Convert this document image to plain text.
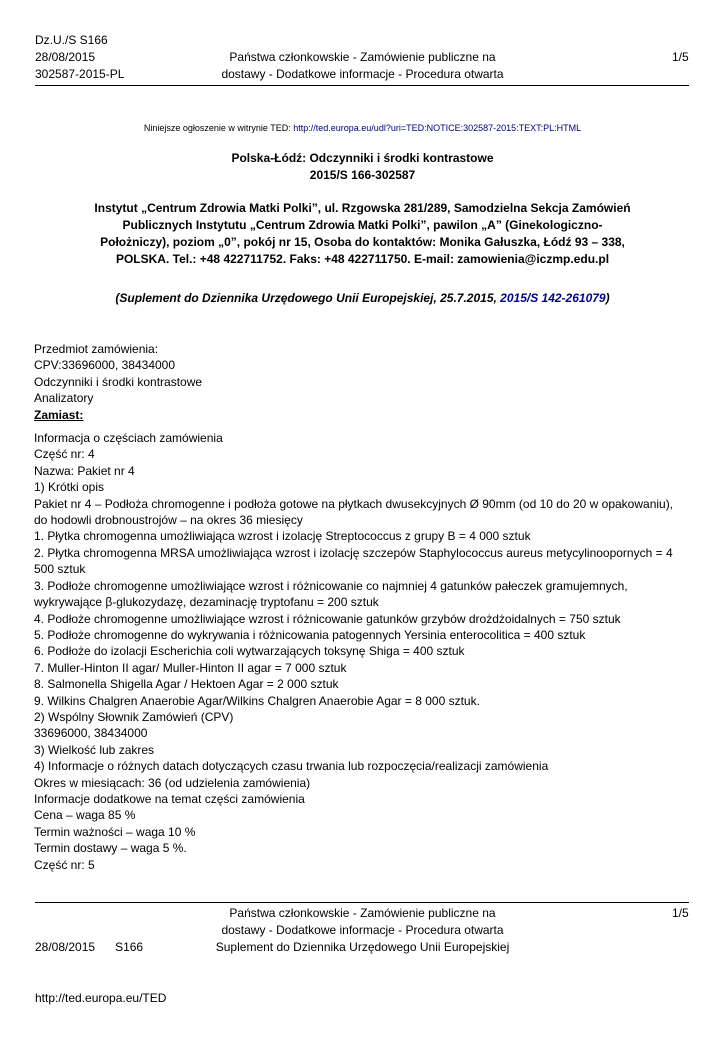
Dz.U./S S166
28/08/2015
302587-2015-PL
Państwa członkowskie - Zamówienie publiczne na
dostawy - Dodatkowe informacje - Procedura otwarta
1/5
Niniejsze ogłoszenie w witrynie TED: http://ted.europa.eu/udl?uri=TED:NOTICE:302587-2015:TEXT:PL:HTML
Polska-Łódź: Odczynniki i środki kontrastowe
2015/S 166-302587
Instytut „Centrum Zdrowia Matki Polki”, ul. Rzgowska 281/289, Samodzielna Sekcja Zamówień
Publicznych Instytutu „Centrum Zdrowia Matki Polki”, pawilon „A” (Ginekologiczno-
Położniczy), poziom „0”, pokój nr 15, Osoba do kontaktów: Monika Gałuszka, Łódź 93 – 338,
POLSKA. Tel.: +48 422711752. Faks: +48 422711750. E-mail: zamowienia@iczmp.edu.pl
(Suplement do Dziennika Urzędowego Unii Europejskiej, 25.7.2015, 2015/S 142-261079)
Przedmiot zamówienia:
CPV:33696000, 38434000
Odczynniki i środki kontrastowe
Analizatory
Zamiast:
Informacja o częściach zamówienia
Część nr: 4
Nazwa: Pakiet nr 4
1) Krótki opis
Pakiet nr 4 – Podłoża chromogenne i podłoża gotowe na płytkach dwusekcyjnych Ø 90mm (od 10 do 20 w opakowaniu),
do hodowli drobnoustrojów – na okres 36 miesięcy
1. Płytka chromogenna umożliwiająca wzrost i izolację Streptococcus z grupy B = 4 000 sztuk
2. Płytka chromogenna MRSA umożliwiająca wzrost i izolację szczepów Staphylococcus aureus metycylinoopornych = 4
500 sztuk
3. Podłoże chromogenne umożliwiające wzrost i różnicowanie co najmniej 4 gatunków pałeczek gramujemnych,
wykrywające β-glukozydazę, dezaminację tryptofanu = 200 sztuk
4. Podłoże chromogenne umożliwiające wzrost i różnicowanie gatunków grzybów drożdżoidalnych = 750 sztuk
5. Podłoże chromogenne do wykrywania i różnicowania patogennych Yersinia enterocolitica = 400 sztuk
6. Podłoże do izolacji Escherichia coli wytwarzających toksynę Shiga = 400 sztuk
7. Muller-Hinton II agar/ Muller-Hinton II agar = 7 000 sztuk
8. Salmonella Shigella Agar / Hektoen Agar = 2 000 sztuk
9. Wilkins Chalgren Anaerobie Agar/Wilkins Chalgren Anaerobie Agar = 8 000 sztuk.
2) Wspólny Słownik Zamówień (CPV)
33696000, 38434000
3) Wielkość lub zakres
4) Informacje o różnych datach dotyczących czasu trwania lub rozpoczęcia/realizacji zamówienia
Okres w miesiącach: 36 (od udzielenia zamówienia)
Informacje dodatkowe na temat części zamówienia
Cena – waga 85 %
Termin ważności – waga 10 %
Termin dostawy – waga 5 %.
Część nr: 5

28/08/2015      S166

http://ted.europa.eu/TED

Państwa członkowskie - Zamówienie publiczne na
dostawy - Dodatkowe informacje - Procedura otwarta
Suplement do Dziennika Urzędowego Unii Europejskiej
1/5
